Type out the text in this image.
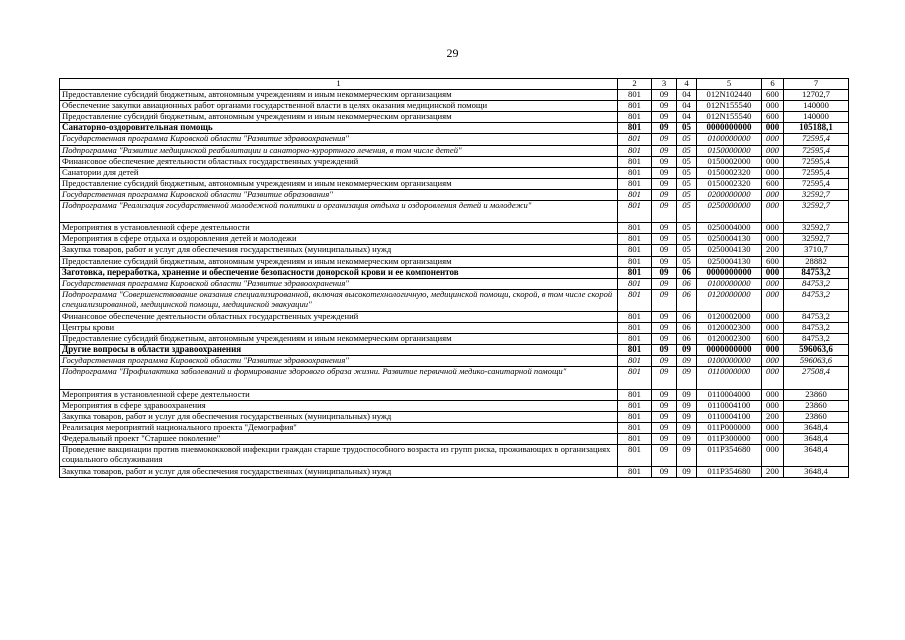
29
1	2	3	4	5	6	7
Предоставление субсидий бюджетным, автономным учреждениям и иным некоммерческим организациям	801	09	04	012N102440	600	12702,7
Обеспечение закупки авиационных работ органами государственной власти в целях оказания медицинской помощи	801	09	04	012N155540	000	140000
Предоставление субсидий бюджетным, автономным учреждениям и иным некоммерческим организациям	801	09	04	012N155540	600	140000
Санаторно-оздоровительная помощь	801	09	05	0000000000	000	105188,1
Государственная программа Кировской области "Развитие здравоохранения"	801	09	05	0100000000	000	72595,4
Подпрограмма "Развитие медицинской реабилитации и санаторно-курортного лечения, в том числе детей"	801	09	05	0150000000	000	72595,4
Финансовое обеспечение деятельности областных государственных учреждений	801	09	05	0150002000	000	72595,4
Санатории для детей	801	09	05	0150002320	000	72595,4
Предоставление субсидий бюджетным, автономным учреждениям и иным некоммерческим организациям	801	09	05	0150002320	600	72595,4
Государственная программа Кировской области "Развитие образования"	801	09	05	0200000000	000	32592,7
Подпрограмма "Реализация государственной молодежной политики и организация отдыха и оздоровления детей и молодежи"	801	09	05	0250000000	000	32592,7
Мероприятия в установленной сфере деятельности	801	09	05	0250004000	000	32592,7
Мероприятия в сфере отдыха и оздоровления детей и молодежи	801	09	05	0250004130	000	32592,7
Закупка товаров, работ и услуг для обеспечения государственных (муниципальных) нужд	801	09	05	0250004130	200	3710,7
Предоставление субсидий бюджетным, автономным учреждениям и иным некоммерческим организациям	801	09	05	0250004130	600	28882
Заготовка, переработка, хранение и обеспечение безопасности донорской крови и ее компонентов	801	09	06	0000000000	000	84753,2
Государственная программа Кировской области "Развитие здравоохранения"	801	09	06	0100000000	000	84753,2
Подпрограмма "Совершенствование оказания специализированной, включая высокотехнологичную, медицинской помощи, скорой, в том числе скорой специализированной, медицинской помощи, медицинской эвакуации"	801	09	06	0120000000	000	84753,2
Финансовое обеспечение деятельности областных государственных учреждений	801	09	06	0120002000	000	84753,2
Центры крови	801	09	06	0120002300	000	84753,2
Предоставление субсидий бюджетным, автономным учреждениям и иным некоммерческим организациям	801	09	06	0120002300	600	84753,2
Другие вопросы в области здравоохранения	801	09	09	0000000000	000	596063,6
Государственная программа Кировской области "Развитие здравоохранения"	801	09	09	0100000000	000	596063,6
Подпрограмма "Профилактика заболеваний и формирование здорового образа жизни. Развитие первичной медико-санитарной помощи"	801	09	09	0110000000	000	27508,4
Мероприятия в установленной сфере деятельности	801	09	09	0110004000	000	23860
Мероприятия в сфере здравоохранения	801	09	09	0110004100	000	23860
Закупка товаров, работ и услуг для обеспечения государственных (муниципальных) нужд	801	09	09	0110004100	200	23860
Реализация мероприятий национального проекта "Демография"	801	09	09	011P000000	000	3648,4
Федеральный проект "Старшее поколение"	801	09	09	011P300000	000	3648,4
Проведение вакцинации против пневмококковой инфекции граждан старше трудоспособного возраста из групп риска, проживающих в организациях социального обслуживания	801	09	09	011P354680	000	3648,4
Закупка товаров, работ и услуг для обеспечения государственных (муниципальных) нужд	801	09	09	011P354680	200	3648,4
